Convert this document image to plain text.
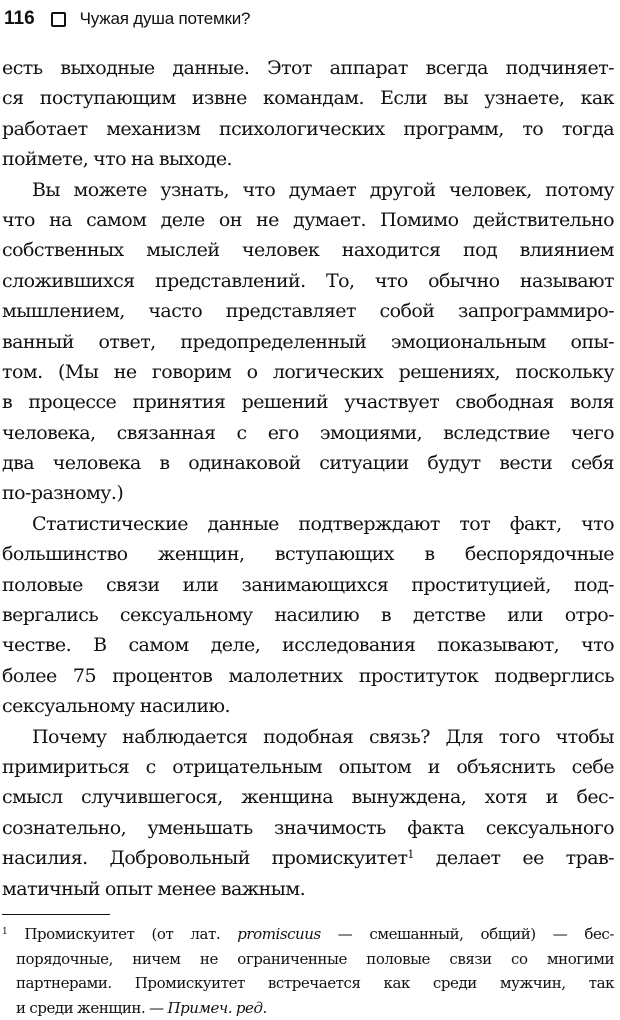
116	Чужая душа потемки?
есть выходные данные. Этот аппарат всегда подчиняет-
ся поступающим извне командам. Если вы узнаете, как
работает механизм психологических программ, то тогда
поймете, что на выходе.
Вы можете узнать, что думает другой человек, потому
что на самом деле он не думает. Помимо действительно
собственных мыслей человек находится под влиянием
сложившихся представлений. То, что обычно называют
мышлением, часто представляет собой запрограммиро-
ванный ответ, предопределенный эмоциональным опы-
том. (Мы не говорим о логических решениях, поскольку
в процессе принятия решений участвует свободная воля
человека, связанная с его эмоциями, вследствие чего
два человека в одинаковой ситуации будут вести себя
по-разному.)
Статистические данные подтверждают тот факт, что
большинство женщин, вступающих в беспорядочные
половые связи или занимающихся проституцией, под-
вергались сексуальному насилию в детстве или отро-
честве. В самом деле, исследования показывают, что
более 75 процентов малолетних проституток подверглись
сексуальному насилию.
Почему наблюдается подобная связь? Для того чтобы
примириться с отрицательным опытом и объяснить себе
смысл случившегося, женщина вынуждена, хотя и бес-
сознательно, уменьшать значимость факта сексуального
насилия. Добровольный промискуитет$^1$ делает ее трав-
матичный опыт менее важным.
$^1$ Промискуитет (от лат. promiscuus — смешанный, общий) — бес-
порядочные, ничем не ограниченные половые связи со многими
партнерами. Промискуитет встречается как среди мужчин, так
и среди женщин. — Примеч. ред.
